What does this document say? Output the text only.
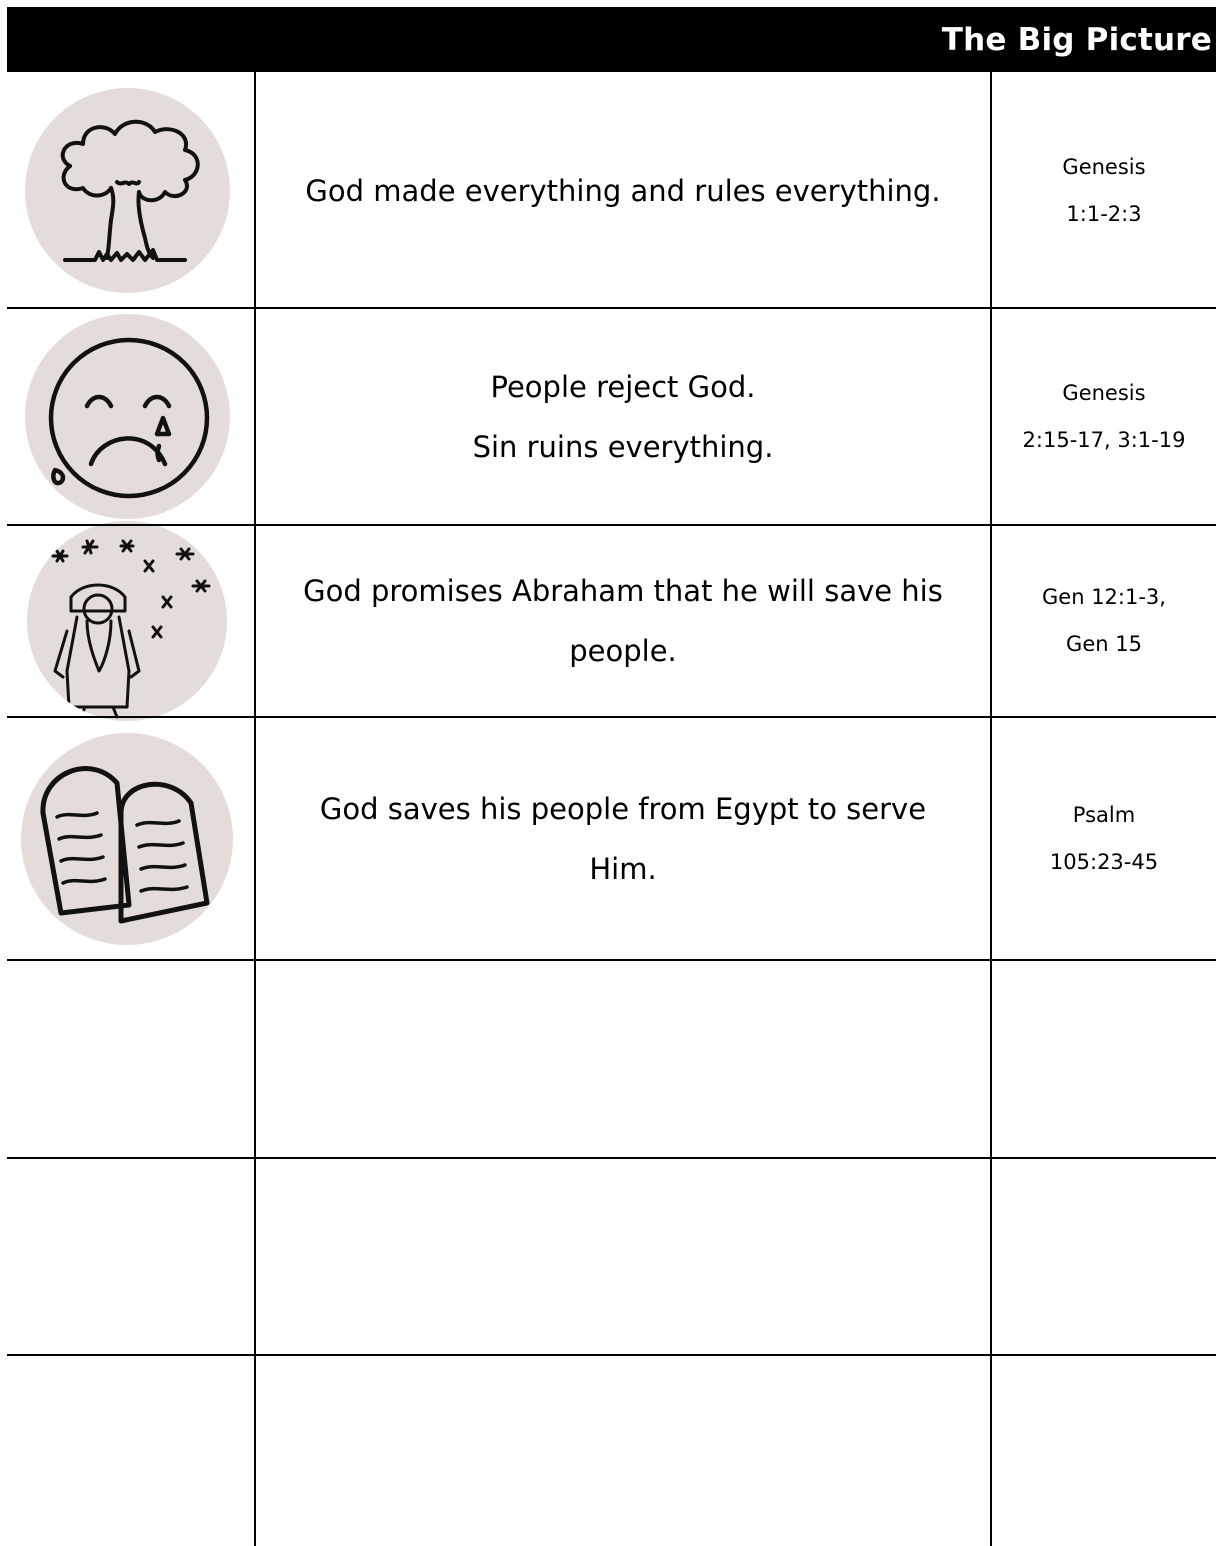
The Big Picture
God made everything and rules everything.
Genesis
1:1-2:3
People reject God.
Sin ruins everything.
Genesis
2:15-17, 3:1-19
God promises Abraham that he will save his
people.
Gen 12:1-3,
Gen 15
God saves his people from Egypt to serve
Him.
Psalm
105:23-45
